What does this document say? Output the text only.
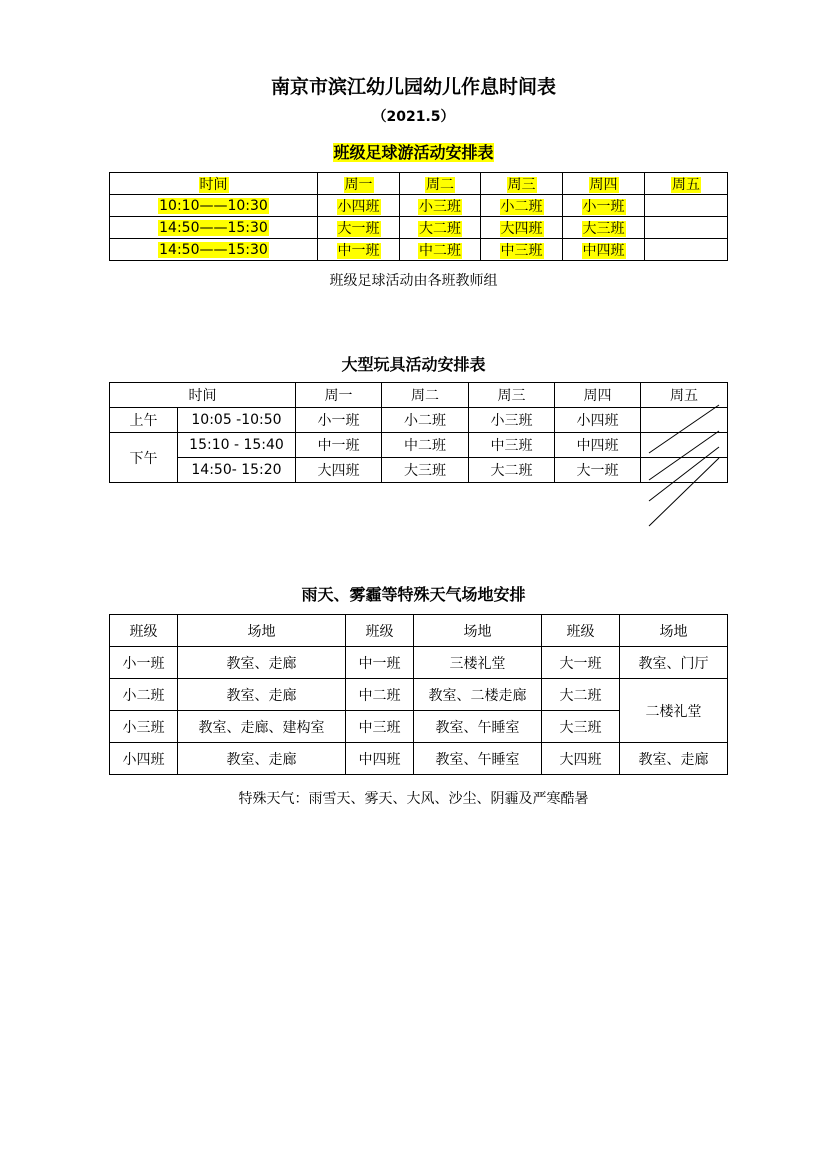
南京市滨江幼儿园幼儿作息时间表
（2021.5）
班级足球游活动安排表
时间	周一	周二	周三	周四	周五
10:10——10:30	小四班	小三班	小二班	小一班	
14:50——15:30	大一班	大二班	大四班	大三班	
14:50——15:30	中一班	中二班	中三班	中四班	
班级足球活动由各班教师组
大型玩具活动安排表
时间		周一	周二	周三	周四	周五
上午	10:05 -10:50	小一班	小二班	小三班	小四班	
下午	15:10 - 15:40	中一班	中二班	中三班	中四班	
	14:50- 15:20	大四班	大三班	大二班	大一班	
雨天、雾霾等特殊天气场地安排
班级	场地	班级	场地	班级	场地
小一班	教室、走廊	中一班	三楼礼堂	大一班	教室、门厅
小二班	教室、走廊	中二班	教室、二楼走廊	大二班	二楼礼堂
小三班	教室、走廊、建构室	中三班	教室、午睡室	大三班	
小四班	教室、走廊	中四班	教室、午睡室	大四班	教室、走廊
特殊天气：雨雪天、雾天、大风、沙尘、阴霾及严寒酷暑
